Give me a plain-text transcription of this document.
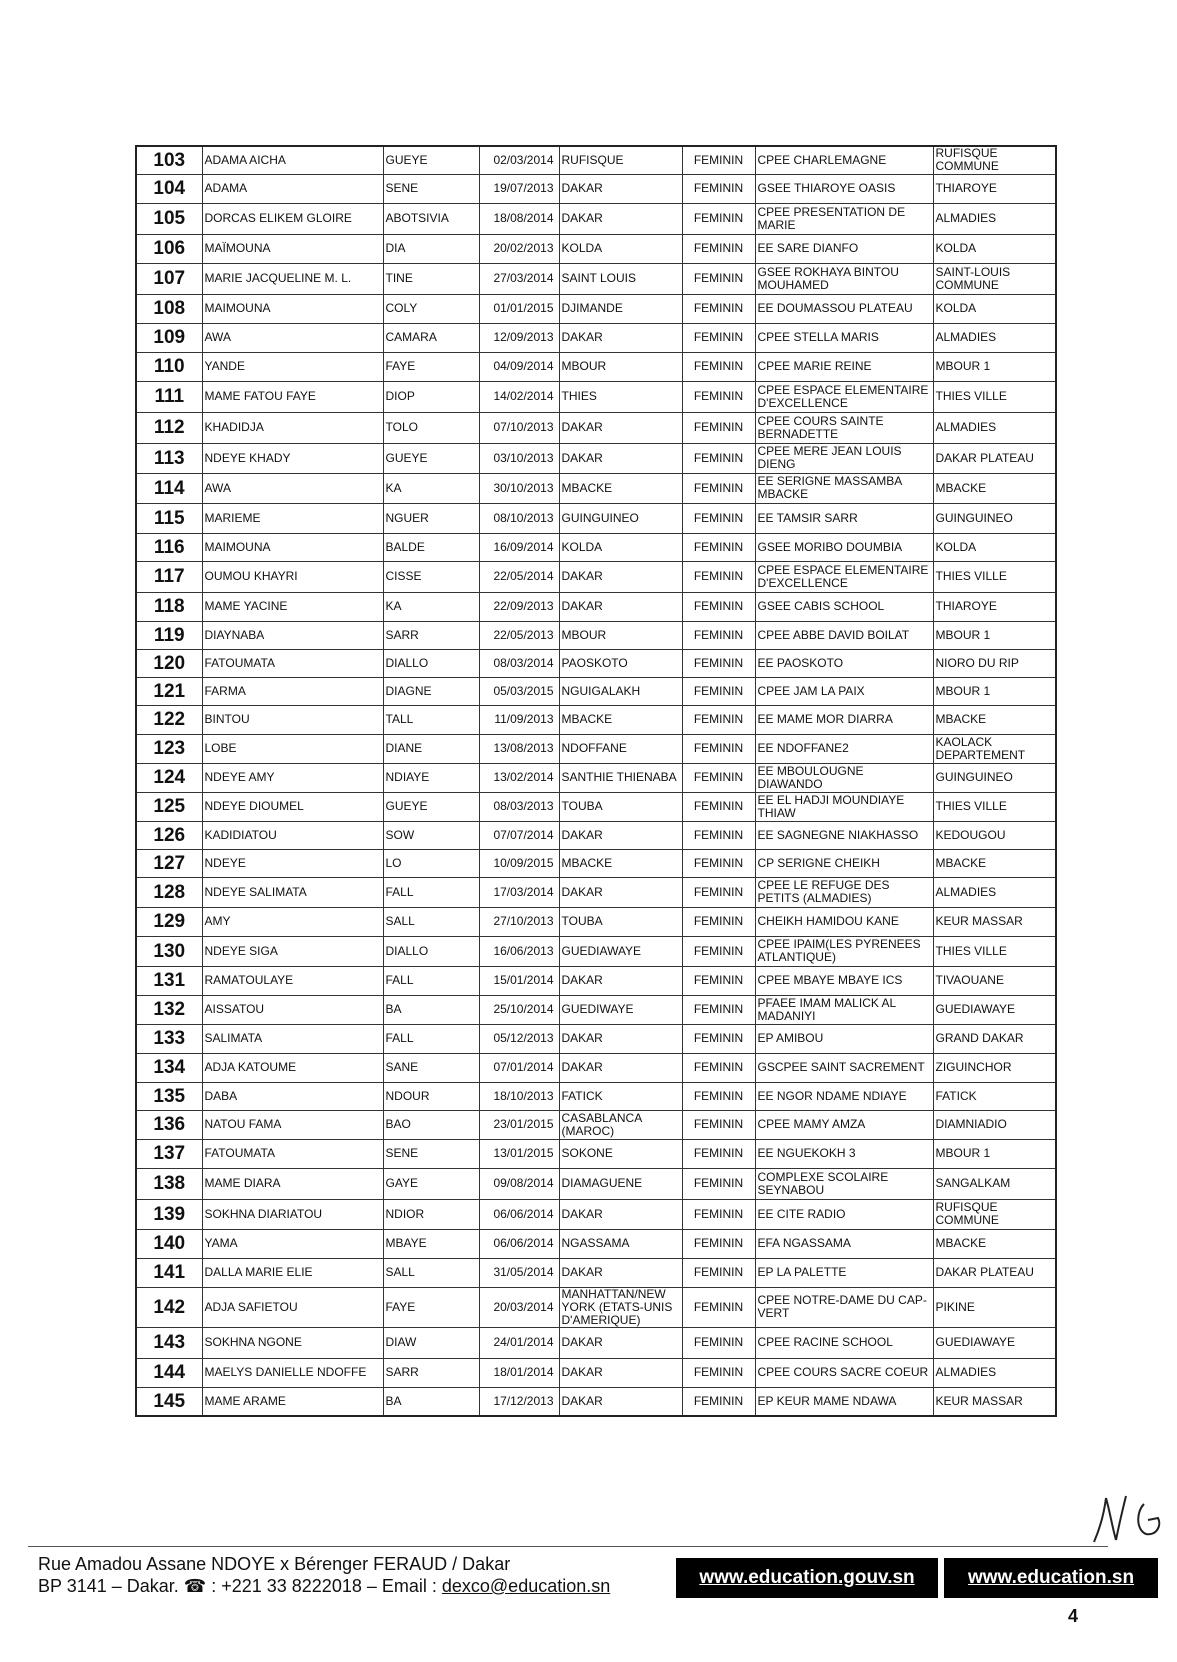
103	ADAMA AICHA	GUEYE	02/03/2014	RUFISQUE	FEMININ	CPEE CHARLEMAGNE	RUFISQUE COMMUNE
104	ADAMA	SENE	19/07/2013	DAKAR	FEMININ	GSEE THIAROYE OASIS	THIAROYE
105	DORCAS ELIKEM GLOIRE	ABOTSIVIA	18/08/2014	DAKAR	FEMININ	CPEE PRESENTATION DE MARIE	ALMADIES
106	MAÏMOUNA	DIA	20/02/2013	KOLDA	FEMININ	EE SARE DIANFO	KOLDA
107	MARIE JACQUELINE M. L.	TINE	27/03/2014	SAINT LOUIS	FEMININ	GSEE ROKHAYA BINTOU MOUHAMED	SAINT-LOUIS COMMUNE
108	MAIMOUNA	COLY	01/01/2015	DJIMANDE	FEMININ	EE DOUMASSOU PLATEAU	KOLDA
109	AWA	CAMARA	12/09/2013	DAKAR	FEMININ	CPEE STELLA MARIS	ALMADIES
110	YANDE	FAYE	04/09/2014	MBOUR	FEMININ	CPEE MARIE REINE	MBOUR 1
111	MAME FATOU FAYE	DIOP	14/02/2014	THIES	FEMININ	CPEE ESPACE ELEMENTAIRE D'EXCELLENCE	THIES VILLE
112	KHADIDJA	TOLO	07/10/2013	DAKAR	FEMININ	CPEE COURS SAINTE BERNADETTE	ALMADIES
113	NDEYE KHADY	GUEYE	03/10/2013	DAKAR	FEMININ	CPEE MERE JEAN LOUIS DIENG	DAKAR PLATEAU
114	AWA	KA	30/10/2013	MBACKE	FEMININ	EE SERIGNE MASSAMBA MBACKE	MBACKE
115	MARIEME	NGUER	08/10/2013	GUINGUINEO	FEMININ	EE TAMSIR SARR	GUINGUINEO
116	MAIMOUNA	BALDE	16/09/2014	KOLDA	FEMININ	GSEE MORIBO DOUMBIA	KOLDA
117	OUMOU KHAYRI	CISSE	22/05/2014	DAKAR	FEMININ	CPEE ESPACE ELEMENTAIRE D'EXCELLENCE	THIES VILLE
118	MAME YACINE	KA	22/09/2013	DAKAR	FEMININ	GSEE CABIS SCHOOL	THIAROYE
119	DIAYNABA	SARR	22/05/2013	MBOUR	FEMININ	CPEE ABBE DAVID BOILAT	MBOUR 1
120	FATOUMATA	DIALLO	08/03/2014	PAOSKOTO	FEMININ	EE PAOSKOTO	NIORO DU RIP
121	FARMA	DIAGNE	05/03/2015	NGUIGALAKH	FEMININ	CPEE JAM LA PAIX	MBOUR 1
122	BINTOU	TALL	11/09/2013	MBACKE	FEMININ	EE MAME MOR DIARRA	MBACKE
123	LOBE	DIANE	13/08/2013	NDOFFANE	FEMININ	EE NDOFFANE2	KAOLACK DEPARTEMENT
124	NDEYE AMY	NDIAYE	13/02/2014	SANTHIE THIENABA	FEMININ	EE MBOULOUGNE DIAWANDO	GUINGUINEO
125	NDEYE DIOUMEL	GUEYE	08/03/2013	TOUBA	FEMININ	EE EL HADJI MOUNDIAYE THIAW	THIES VILLE
126	KADIDIATOU	SOW	07/07/2014	DAKAR	FEMININ	EE SAGNEGNE NIAKHASSO	KEDOUGOU
127	NDEYE	LO	10/09/2015	MBACKE	FEMININ	CP SERIGNE CHEIKH	MBACKE
128	NDEYE SALIMATA	FALL	17/03/2014	DAKAR	FEMININ	CPEE LE REFUGE DES PETITS (ALMADIES)	ALMADIES
129	AMY	SALL	27/10/2013	TOUBA	FEMININ	CHEIKH HAMIDOU KANE	KEUR MASSAR
130	NDEYE SIGA	DIALLO	16/06/2013	GUEDIAWAYE	FEMININ	CPEE IPAIM(LES PYRENEES ATLANTIQUE)	THIES VILLE
131	RAMATOULAYE	FALL	15/01/2014	DAKAR	FEMININ	CPEE MBAYE MBAYE ICS	TIVAOUANE
132	AISSATOU	BA	25/10/2014	GUEDIWAYE	FEMININ	PFAEE IMAM MALICK AL MADANIYI	GUEDIAWAYE
133	SALIMATA	FALL	05/12/2013	DAKAR	FEMININ	EP AMIBOU	GRAND DAKAR
134	ADJA KATOUME	SANE	07/01/2014	DAKAR	FEMININ	GSCPEE SAINT SACREMENT	ZIGUINCHOR
135	DABA	NDOUR	18/10/2013	FATICK	FEMININ	EE NGOR NDAME NDIAYE	FATICK
136	NATOU FAMA	BAO	23/01/2015	CASABLANCA (MAROC)	FEMININ	CPEE MAMY AMZA	DIAMNIADIO
137	FATOUMATA	SENE	13/01/2015	SOKONE	FEMININ	EE NGUEKOKH 3	MBOUR 1
138	MAME DIARA	GAYE	09/08/2014	DIAMAGUENE	FEMININ	COMPLEXE SCOLAIRE SEYNABOU	SANGALKAM
139	SOKHNA DIARIATOU	NDIOR	06/06/2014	DAKAR	FEMININ	EE CITE RADIO	RUFISQUE COMMUNE
140	YAMA	MBAYE	06/06/2014	NGASSAMA	FEMININ	EFA NGASSAMA	MBACKE
141	DALLA MARIE ELIE	SALL	31/05/2014	DAKAR	FEMININ	EP LA PALETTE	DAKAR PLATEAU
142	ADJA SAFIETOU	FAYE	20/03/2014	MANHATTAN/NEW YORK (ETATS-UNIS D'AMERIQUE)	FEMININ	CPEE NOTRE-DAME DU CAP-VERT	PIKINE
143	SOKHNA NGONE	DIAW	24/01/2014	DAKAR	FEMININ	CPEE RACINE SCHOOL	GUEDIAWAYE
144	MAELYS DANIELLE NDOFFE	SARR	18/01/2014	DAKAR	FEMININ	CPEE COURS SACRE COEUR	ALMADIES
145	MAME ARAME	BA	17/12/2013	DAKAR	FEMININ	EP KEUR MAME NDAWA	KEUR MASSAR
Rue Amadou Assane NDOYE x Bérenger FERAUD / Dakar
BP 3141 – Dakar. ☎ : +221 33 8222018 – Email : dexco@education.sn	www.education.gouv.sn	www.education.sn
4
